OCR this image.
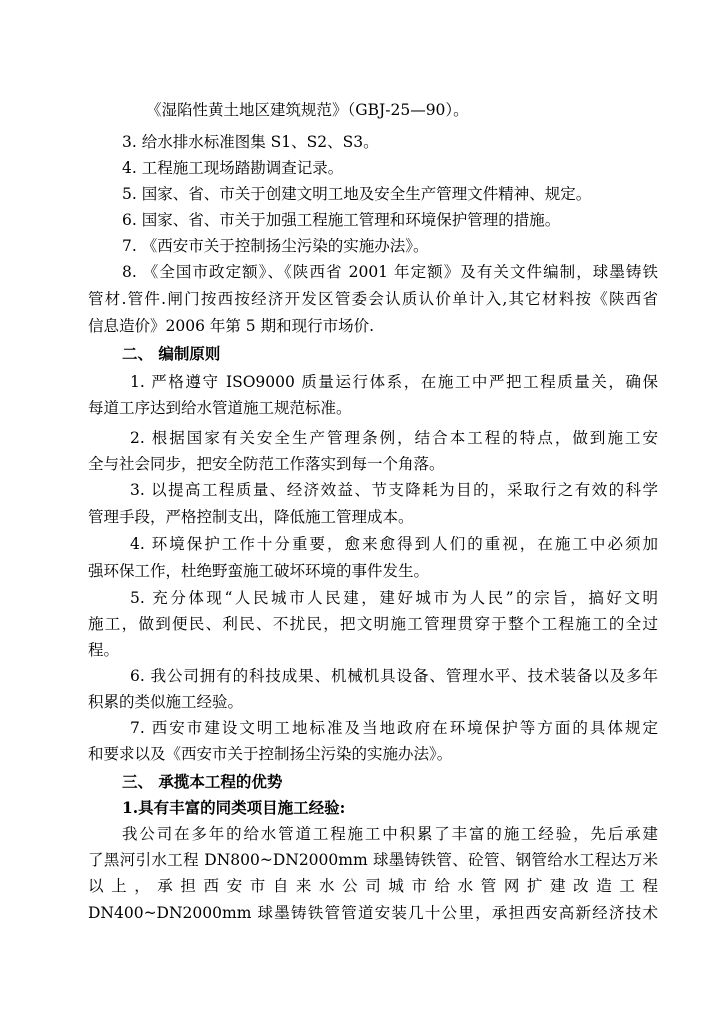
《湿陷性黄土地区建筑规范》（GBJ-25—90）。
3. 给水排水标准图集 S1、S2、S3。
4. 工程施工现场踏勘调查记录。
5. 国家、省、市关于创建文明工地及安全生产管理文件精神、规定。
6. 国家、省、市关于加强工程施工管理和环境保护管理的措施。
7. 《西安市关于控制扬尘污染的实施办法》。
8. 《全国市政定额》、《陕西省 2001 年定额》及有关文件编制，球墨铸铁
管材.管件.闸门按西按经济开发区管委会认质认价单计入,其它材料按《陕西省
信息造价》2006 年第 5 期和现行市场价.
二、 编制原则
1. 严格遵守 ISO9000 质量运行体系，在施工中严把工程质量关，确保
每道工序达到给水管道施工规范标准。
2. 根据国家有关安全生产管理条例，结合本工程的特点，做到施工安
全与社会同步，把安全防范工作落实到每一个角落。
3. 以提高工程质量、经济效益、节支降耗为目的，采取行之有效的科学
管理手段，严格控制支出，降低施工管理成本。
4. 环境保护工作十分重要，愈来愈得到人们的重视，在施工中必须加
强环保工作，杜绝野蛮施工破坏环境的事件发生。
5. 充分体现“人民城市人民建，建好城市为人民”的宗旨，搞好文明
施工，做到便民、利民、不扰民，把文明施工管理贯穿于整个工程施工的全过
程。
6. 我公司拥有的科技成果、机械机具设备、管理水平、技术装备以及多年
积累的类似施工经验。
7. 西安市建设文明工地标准及当地政府在环境保护等方面的具体规定
和要求以及《西安市关于控制扬尘污染的实施办法》。
三、 承揽本工程的优势
1.具有丰富的同类项目施工经验:
我公司在多年的给水管道工程施工中积累了丰富的施工经验，先后承建
了黑河引水工程 DN800~DN2000mm 球墨铸铁管、砼管、钢管给水工程达万米
以 上 ， 承 担 西 安 市 自 来 水 公 司 城 市 给 水 管 网 扩 建 改 造 工 程
DN400~DN2000mm 球墨铸铁管管道安装几十公里，承担西安高新经济技术
